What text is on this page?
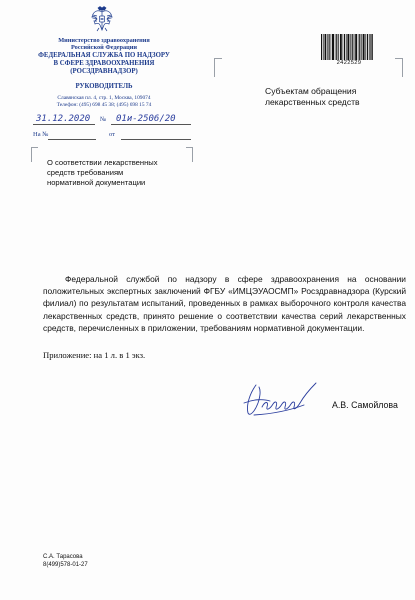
Министерство здравоохранения
Российской Федерации
ФЕДЕРАЛЬНАЯ СЛУЖБА ПО НАДЗОРУ
В СФЕРЕ ЗДРАВООХРАНЕНИЯ
(РОСЗДРАВНАДЗОР)
РУКОВОДИТЕЛЬ
Славянская пл. 4, стр. 1, Москва, 109074
Телефон: (495) 698 45 38; (495) 698 15 74
2422529
Субъектам обращения
лекарственных средств
31.12.2020 № 01и-2506/20
На №	от
О соответствии лекарственных
средств требованиям
нормативной документации
Федеральной службой по надзору в сфере здравоохранения на основании положительных экспертных заключений ФГБУ «ИМЦЭУАОСМП» Росздравнадзора (Курский филиал) по результатам испытаний, проведенных в рамках выборочного контроля качества лекарственных средств, принято решение о соответствии качества серий лекарственных средств, перечисленных в приложении, требованиям нормативной документации.
Приложение: на 1 л. в 1 экз.
А.В. Самойлова
С.А. Тарасова
8(499)578-01-27
